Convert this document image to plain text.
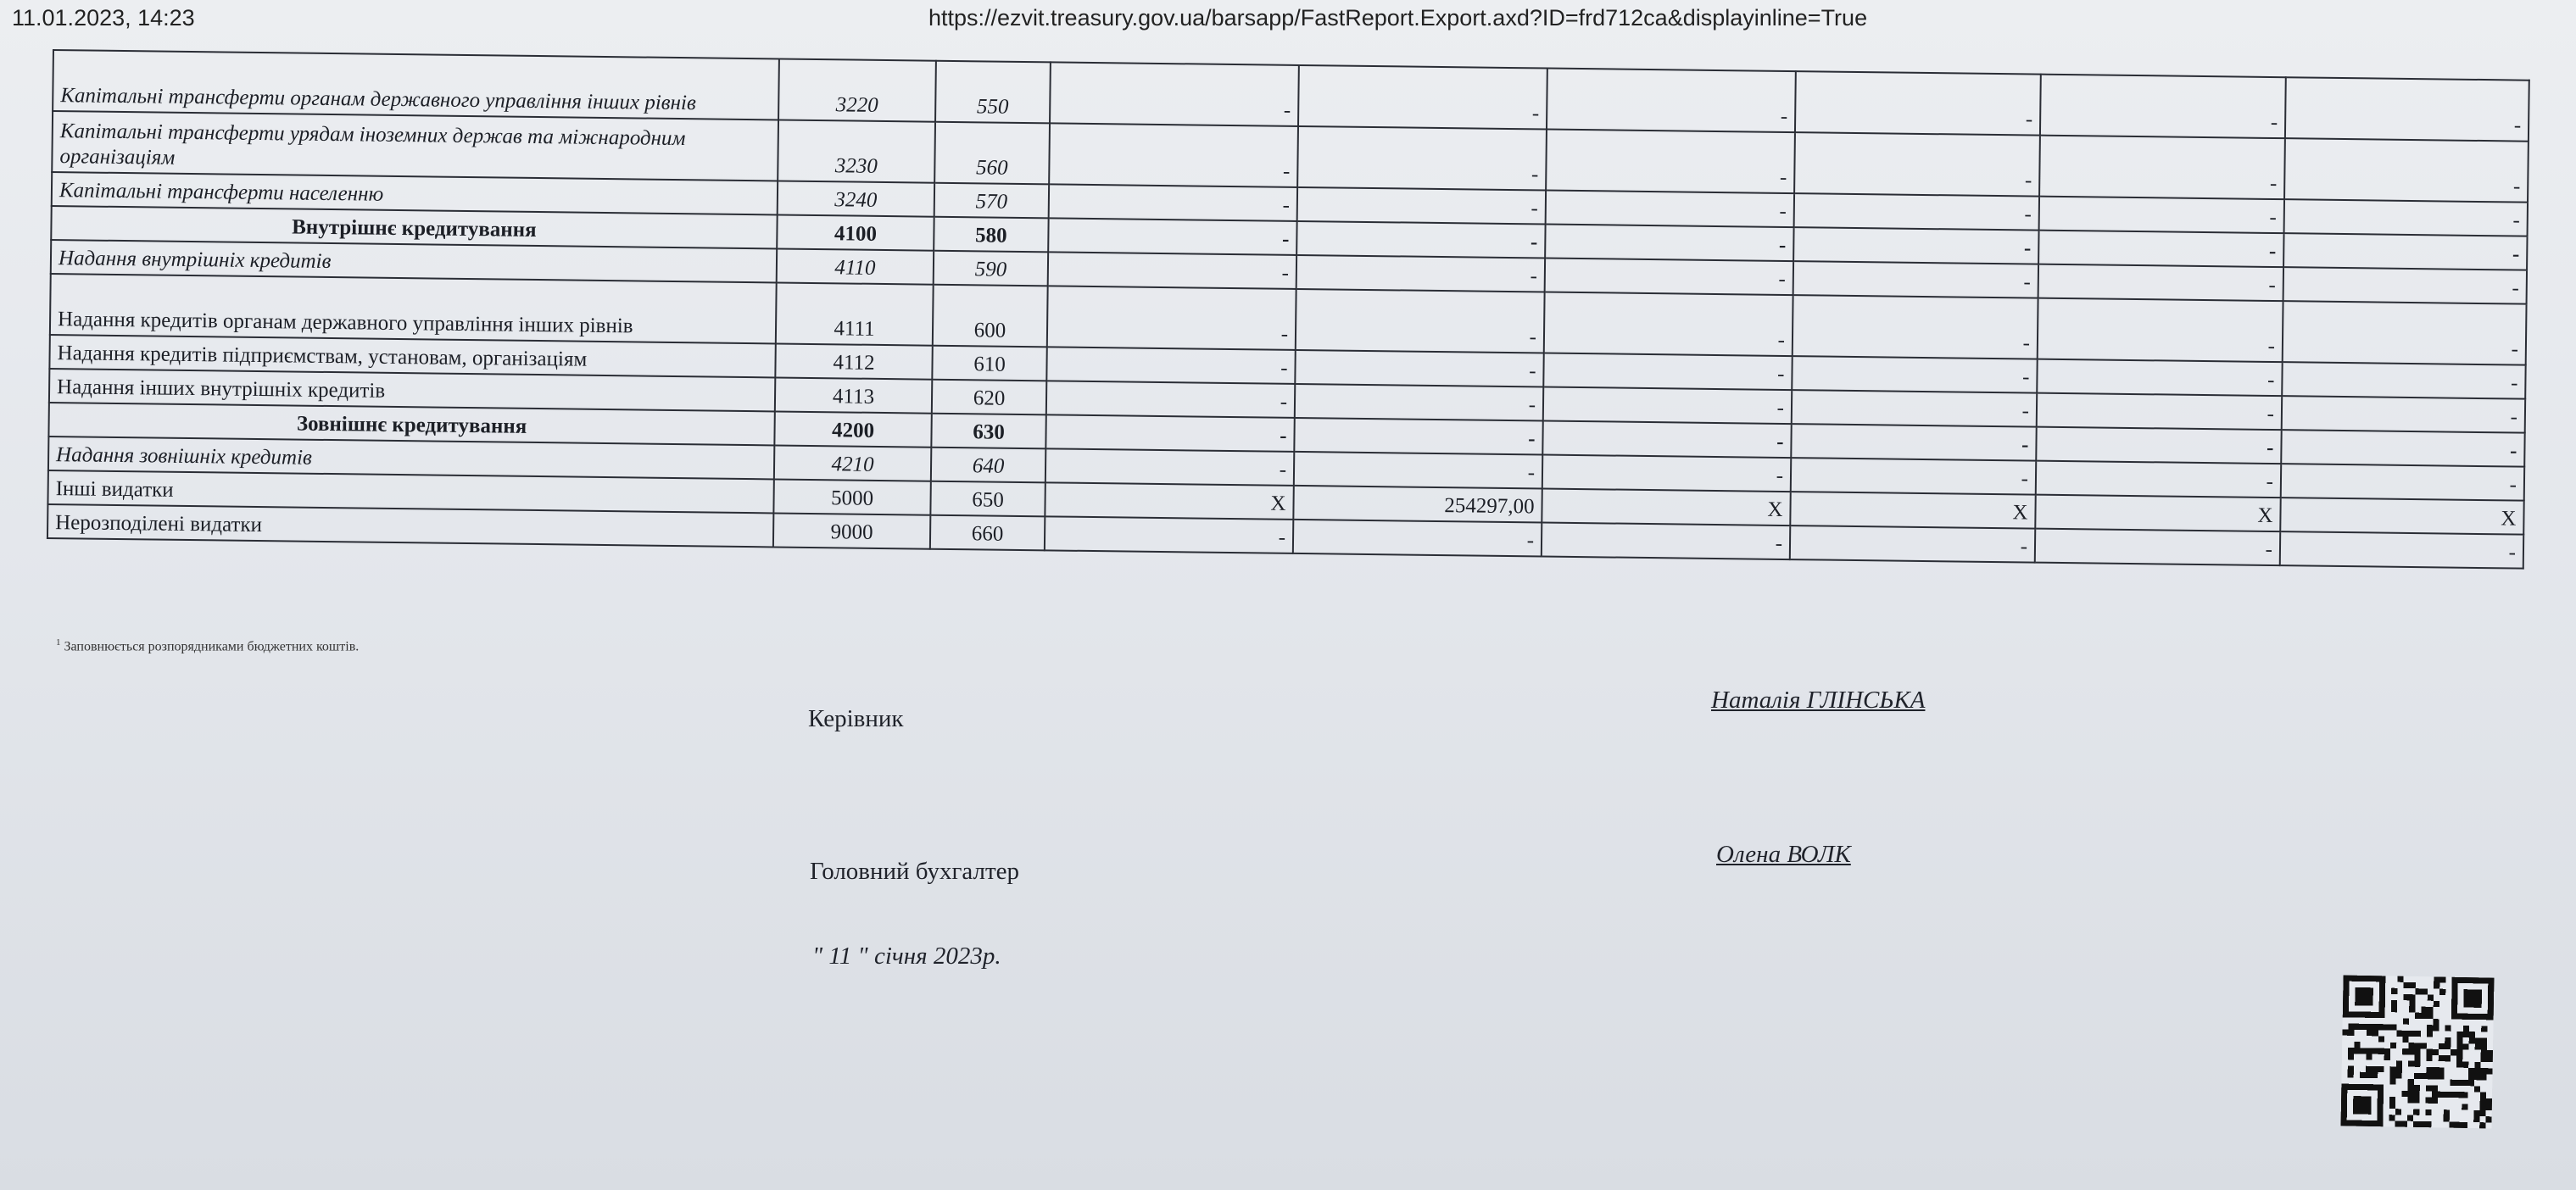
11.01.2023, 14:23	https://ezvit.treasury.gov.ua/barsapp/FastReport.Export.axd?ID=frd712ca&displayinline=True
Капітальні трансферти органам державного управління інших рівнів	3220	550	-	-	-	-	-	-
Капітальні трансферти урядам іноземних держав та міжнародним організаціям	3230	560	-	-	-	-	-	-
Капітальні трансферти населенню	3240	570	-	-	-	-	-	-
Внутрішнє кредитування	4100	580	-	-	-	-	-	-
Надання внутрішніх кредитів	4110	590	-	-	-	-	-	-
Надання кредитів органам державного управління інших рівнів	4111	600	-	-	-	-	-	-
Надання кредитів підприємствам, установам, організаціям	4112	610	-	-	-	-	-	-
Надання інших внутрішніх кредитів	4113	620	-	-	-	-	-	-
Зовнішнє кредитування	4200	630	-	-	-	-	-	-
Надання зовнішніх кредитів	4210	640	-	-	-	-	-	-
Інші видатки	5000	650	X	254297,00	X	X	X	X
Нерозподілені видатки	9000	660	-	-	-	-	-	-
$^1$ Заповнюється розпорядниками бюджетних коштів.
Керівник
Наталія ГЛІНСЬКА
Головний бухгалтер
Олена ВОЛК
" 11 " січня 2023р.
